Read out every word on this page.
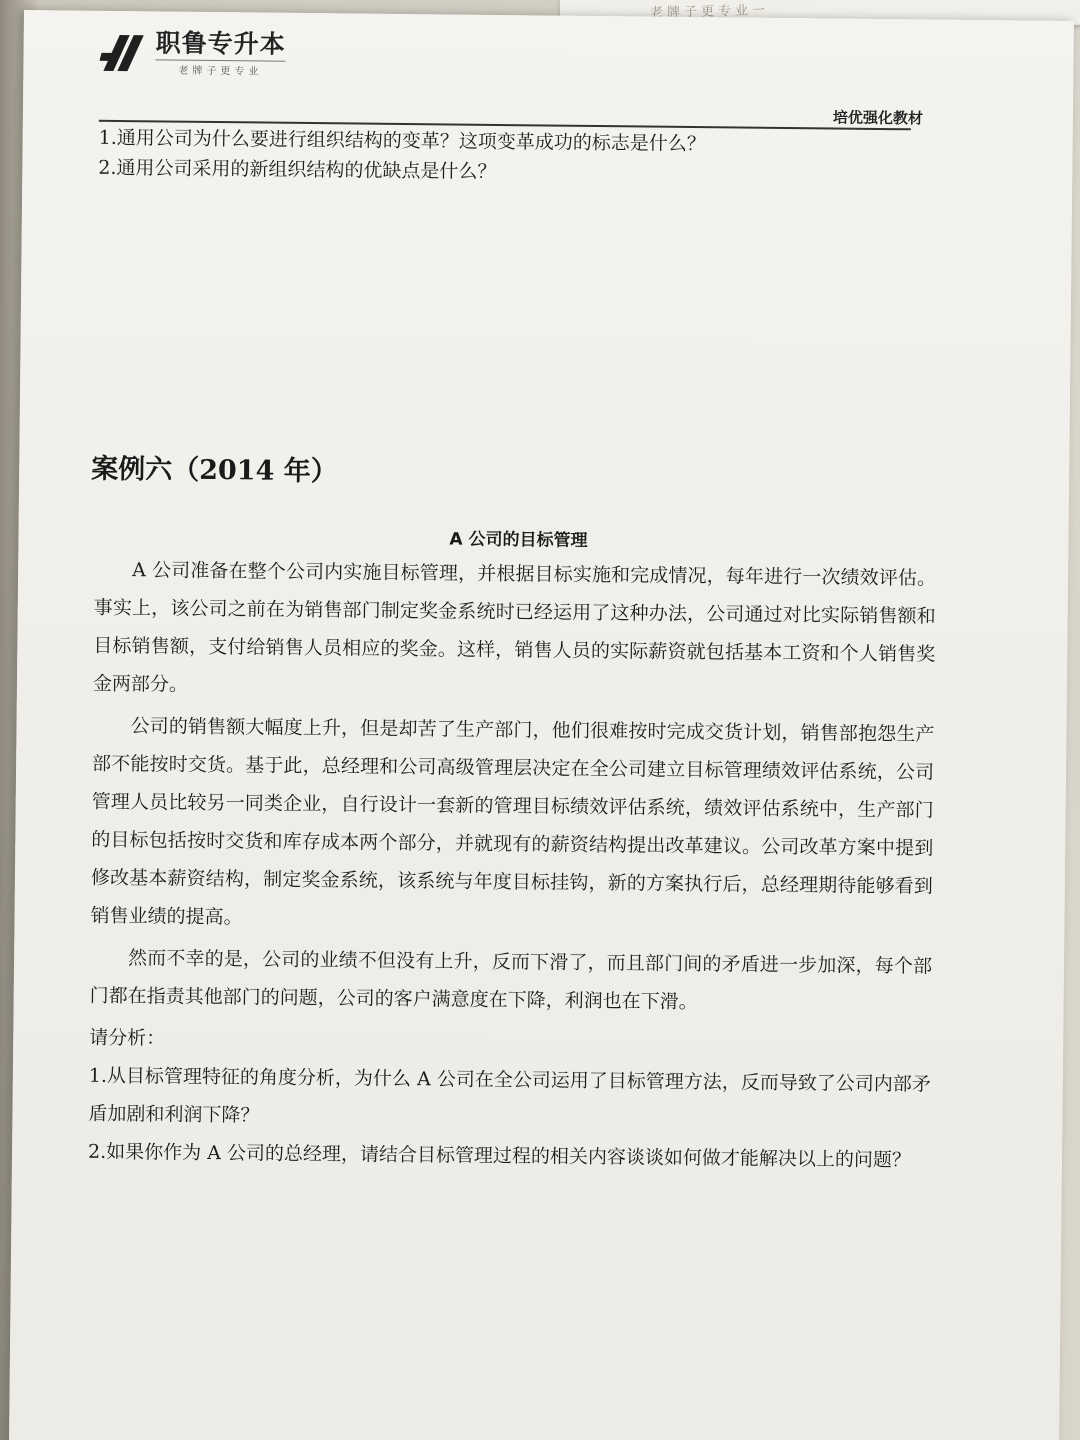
老牌子更专业一
职鲁专升本
老牌子更专业
培优强化教材
1.通用公司为什么要进行组织结构的变革？这项变革成功的标志是什么？
2.通用公司采用的新组织结构的优缺点是什么？
案例六（2014 年）
A 公司的目标管理

A 公司准备在整个公司内实施目标管理，并根据目标实施和完成情况，每年进行一次绩效评估。事实上，该公司之前在为销售部门制定奖金系统时已经运用了这种办法，公司通过对比实际销售额和目标销售额，支付给销售人员相应的奖金。这样，销售人员的实际薪资就包括基本工资和个人销售奖金两部分。

公司的销售额大幅度上升，但是却苦了生产部门，他们很难按时完成交货计划，销售部抱怨生产部不能按时交货。基于此，总经理和公司高级管理层决定在全公司建立目标管理绩效评估系统，公司管理人员比较另一同类企业，自行设计一套新的管理目标绩效评估系统，绩效评估系统中，生产部门的目标包括按时交货和库存成本两个部分，并就现有的薪资结构提出改革建议。公司改革方案中提到修改基本薪资结构，制定奖金系统，该系统与年度目标挂钩，新的方案执行后，总经理期待能够看到销售业绩的提高。

然而不幸的是，公司的业绩不但没有上升，反而下滑了，而且部门间的矛盾进一步加深，每个部门都在指责其他部门的问题，公司的客户满意度在下降，利润也在下滑。

请分析：

1.从目标管理特征的角度分析，为什么 A 公司在全公司运用了目标管理方法，反而导致了公司内部矛盾加剧和利润下降？
2.如果你作为 A 公司的总经理，请结合目标管理过程的相关内容谈谈如何做才能解决以上的问题？
